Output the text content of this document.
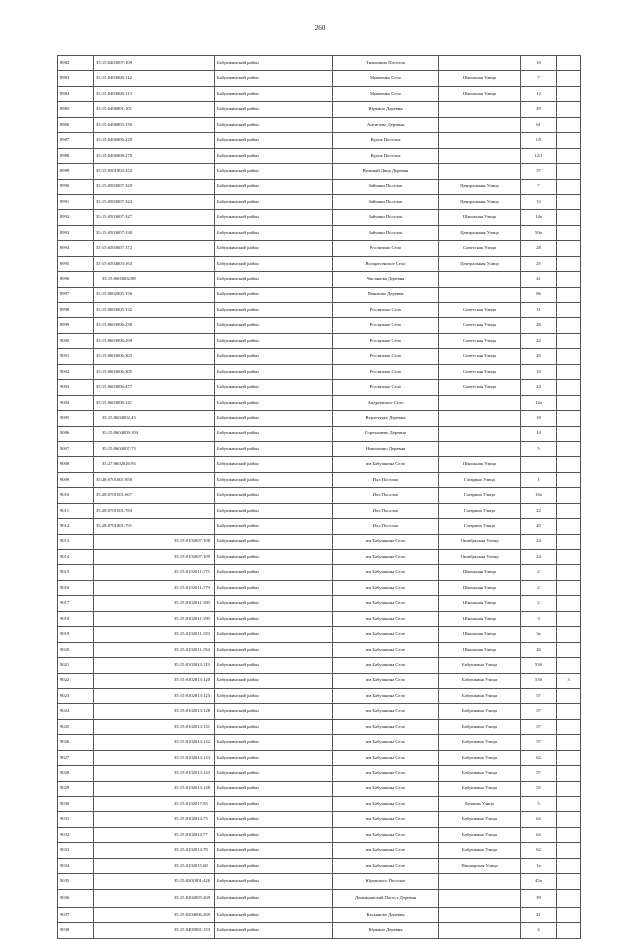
260
8982	35:15:0403007:109	Бабушкинский район	Тимошино Поселок		10	
8983	35:15:0403008:112	Бабушкинский район	Минченко Село	Школьная Улица	7	
8984	35:15:0403008:113	Бабушкинский район	Минченко Село	Школьная Улица	12	
8985	35:15:0406001:101	Бабушкинский район	Юркино Деревня		49	
8986	35:15:0406003:159	Бабушкинский район	Антипово Деревня		61	
8987	35:15:0406006:229	Бабушкинский район	Кудеж Поселок		1/9	
8988	35:15:0406008:270	Бабушкинский район	Кудеж Поселок		12/1	
8989	35:15:0501004:252	Бабушкинский район	Великий Двор Деревня		37	
8990	35:15:0503007:320	Бабушкинский район	Зайчики Поселок	Центральная Улица	7	
8991	35:15:0503007:324	Бабушкинский район	Зайчики Поселок	Центральная Улица	13	
8992	35:15:0503007:327	Бабушкинский район	Зайчики Поселок	Школьная Улица	14а	
8993	35:15:0503007:330	Бабушкинский район	Зайчики Поселок	Центральная Улица	50а	
8994	35:15:0503007:372	Бабушкинский район	Рослятино Село	Советская Улица	28	
8995	35:15:0504003:163	Бабушкинский район	Воскресенское Село	Центральная Улица	25	
8996	35:15:0603002:88	Бабушкинский район	Чистякова Деревня		41	
8997	35:15:0602005:156	Бабушкинский район	Пеньково Деревня		86	
8998	35:15:0603005:132	Бабушкинский район	Рослятино Село	Советская Улица	31	
8999	35:15:0603006:238	Бабушкинский район	Рослятино Село	Советская Улица	26	
9000	35:15:0603006:299	Бабушкинский район	Рослятино Село	Советская Улица	22	
9001	35:15:0603006:303	Бабушкинский район	Рослятино Село	Советская Улица	20	
9002	35:15:0603006:305	Бабушкинский район	Рослятино Село	Советская Улица	10	
9003	35:15:0603006:477	Бабушкинский район	Рослятино Село	Советская Улица	24	
9004	35:15:0603008:141	Бабушкинский район	Андреевское Село		12а	
9005	35:15:0604002:43	Бабушкинский район	Верхотурье Деревня		18	
9006	35:15:0604009:104	Бабушкинский район	Горелашево Деревня		14	
9007	35:15:0604007:73	Бабушкинский район	Николкино Деревня		5	
9008	35:27:0602026:93	Бабушкинский район	им Бабушкина Село	Школьная Улица		
9009	35:28:0701001:850	Бабушкинский район	Илл Поселок	Гагарина Улица	1	
9010	35:28:0701001:667	Бабушкинский район	Илл Поселок	Гагарина Улица	10а	
9011	35:28:0701001:783	Бабушкинский район	Илл Поселок	Гагарина Улица	22	
9012	35:28:0701001:791	Бабушкинский район	Илл Поселок	Гагарина Улица	20	
9013	35:15:0102007:108	Бабушкинский район	им Бабушкина Село	Октябрьская Улица	24	
9014	35:15:0102007:109	Бабушкинский район	им Бабушкина Село	Октябрьская Улица	24	
9015	35:15:0102011:175	Бабушкинский район	им Бабушкина Село	Школьная Улица	2	
9016	35:15:0102011:179	Бабушкинский район	им Бабушкина Село	Школьная Улица	2	
9017	35:15:0102011:180	Бабушкинский район	им Бабушкина Село	Школьная Улица	2	
9018	35:15:0102011:190	Бабушкинский район	им Бабушкина Село	Школьная Улица	3	
9019	35:15:0102011:193	Бабушкинский район	им Бабушкина Село	Школьная Улица	3а	
9020	35:15:0102011:194	Бабушкинский район	им Бабушкина Село	Школьная Улица	26	
9021	35:15:0102013:119	Бабушкинский район	им Бабушкина Село	Бабушкина Улица	53б	
9022	35:15:0102013:120	Бабушкинский район	им Бабушкина Село	Бабушкина Улица	53б	3
9023	35:15:0102013:125	Бабушкинский район	им Бабушкина Село	Бабушкина Улица	57	
9024	35:15:0102013:128	Бабушкинский район	им Бабушкина Село	Бабушкина Улица	57	
9025	35:15:0102013:131	Бабушкинский район	им Бабушкина Село	Бабушкина Улица	57	
9026	35:15:0102013:132	Бабушкинский район	им Бабушкина Село	Бабушкина Улица	57	
9027	35:15:0102013:133	Бабушкинский район	им Бабушкина Село	Бабушкина Улица	62	
9028	35:15:0102013:143	Бабушкинский район	им Бабушкина Село	Бабушкина Улица	57	
9029	35:15:0102013:148	Бабушкинский район	им Бабушкина Село	Бабушкина Улица	55	
9030	35:15:0102017:93	Бабушкинский район	им Бабушкина Село	Белкова Улица	5	
9031	35:15:0102014:73	Бабушкинский район	им Бабушкина Село	Бабушкина Улица	62	
9032	35:15:0102014:77	Бабушкинский район	им Бабушкина Село	Бабушкина Улица	62	
9033	35:15:0102014:78	Бабушкинский район	им Бабушкина Село	Бабушкина Улица	62	
9034	35:15:0102015:68	Бабушкинский район	им Бабушкина Село	Пионерская Улица	1а	
9035	35:15:0201001:426	Бабушкинский район	Юровского Поселок		45а	
9036	35:15:0202005:269	Бабушкинский район	Демьяновский Погост Деревня		39	
9037	35:15:0204006:269	Бабушкинский район	Касьяново Деревня		21	
9038	35:15:0405001:153	Бабушкинский район	Юркино Деревня		4	
